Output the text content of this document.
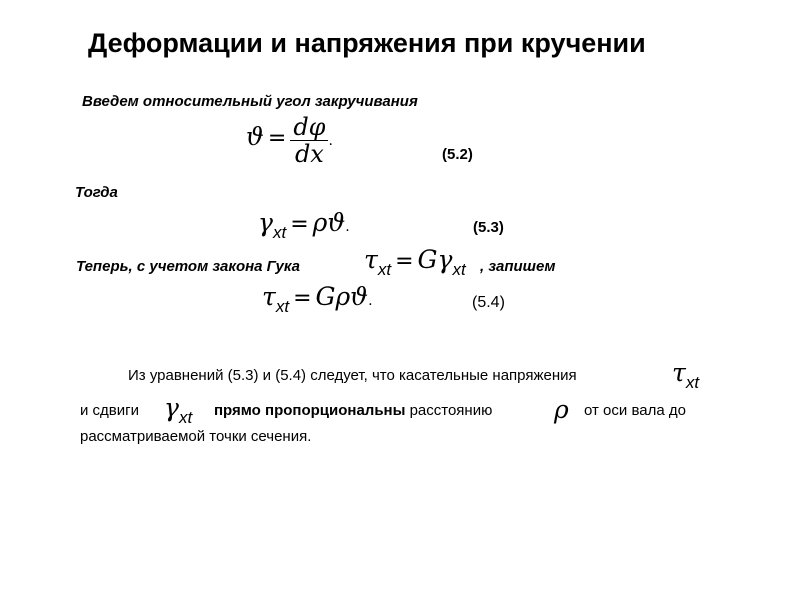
Деформации и напряжения при кручении
Введем относительный угол закручивания
$ϑ = \frac{d\varphi}{dx}$ .
(5.2)
Тогда
γxt = ρϑ.	(5.3)
Теперь, с учетом закона Гука	τxt = Gγxt , запишем
τxt = Gρϑ.	(5.4)
Из уравнений (5.3) и (5.4) следует, что касательные напряжения	τxt
и сдвиги γxt прямо пропорциональны расстоянию ρ от оси вала до
рассматриваемой точки сечения.
